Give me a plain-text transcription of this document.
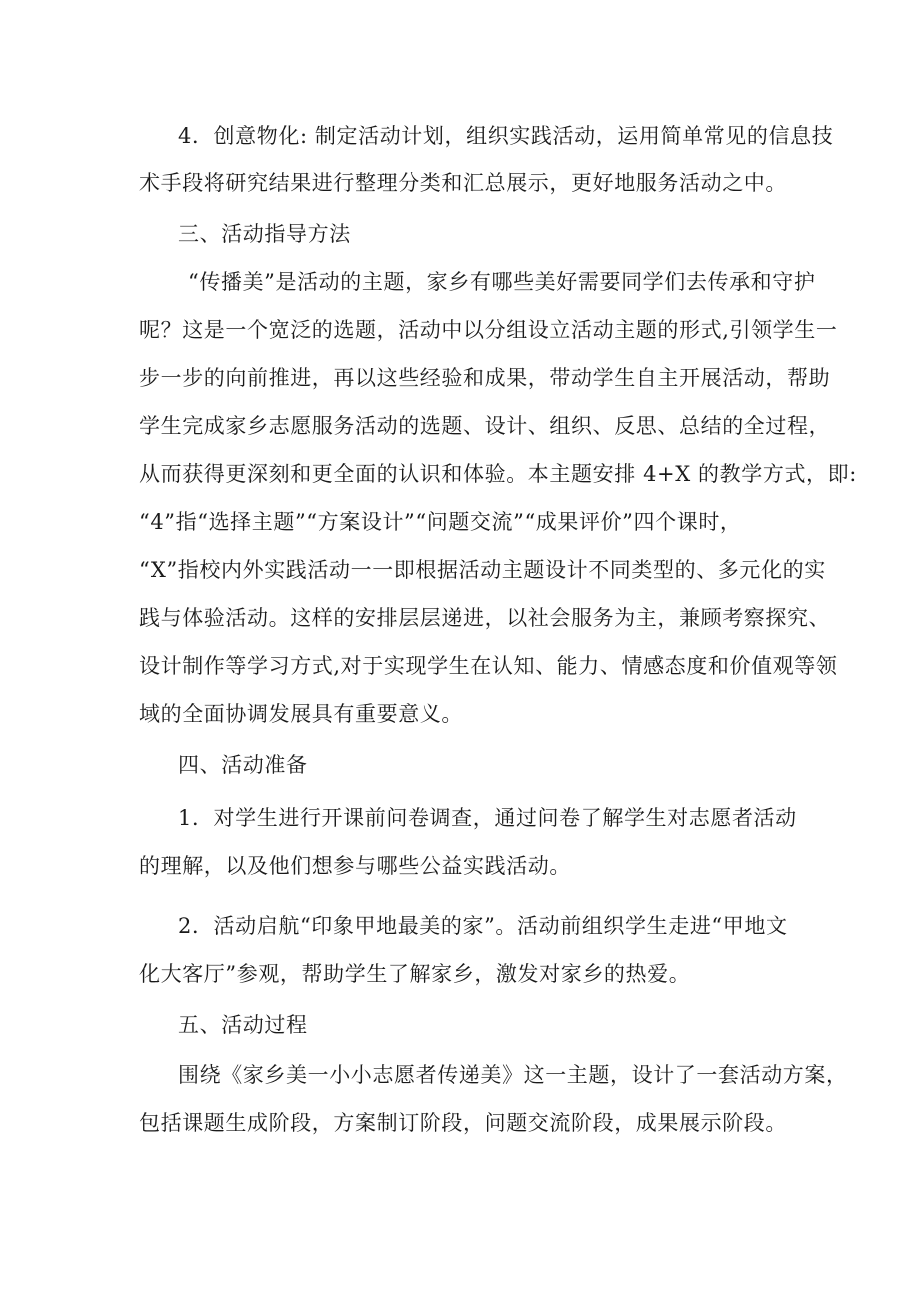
4．创意物化: 制定活动计划，组织实践活动，运用简单常见的信息技
术手段将研究结果进行整理分类和汇总展示，更好地服务活动之中。
三、活动指导方法
“传播美”是活动的主题，家乡有哪些美好需要同学们去传承和守护
呢？这是一个宽泛的选题，活动中以分组设立活动主题的形式,引领学生一
步一步的向前推进，再以这些经验和成果，带动学生自主开展活动，帮助
学生完成家乡志愿服务活动的选题、设计、组织、反思、总结的全过程，
从而获得更深刻和更全面的认识和体验。本主题安排 4+X 的教学方式，即:
“4”指“选择主题”“方案设计”“问题交流”“成果评价”四个课时，
“X”指校内外实践活动一一即根据活动主题设计不同类型的、多元化的实
践与体验活动。这样的安排层层递进，以社会服务为主，兼顾考察探究、
设计制作等学习方式,对于实现学生在认知、能力、情感态度和价值观等领
域的全面协调发展具有重要意义。
四、活动准备
1．对学生进行开课前问卷调查，通过问卷了解学生对志愿者活动
的理解，以及他们想参与哪些公益实践活动。
2．活动启航“印象甲地最美的家”。活动前组织学生走进“甲地文
化大客厅”参观，帮助学生了解家乡，激发对家乡的热爱。
五、活动过程
围绕《家乡美一小小志愿者传递美》这一主题，设计了一套活动方案，
包括课题生成阶段，方案制订阶段，问题交流阶段，成果展示阶段。
